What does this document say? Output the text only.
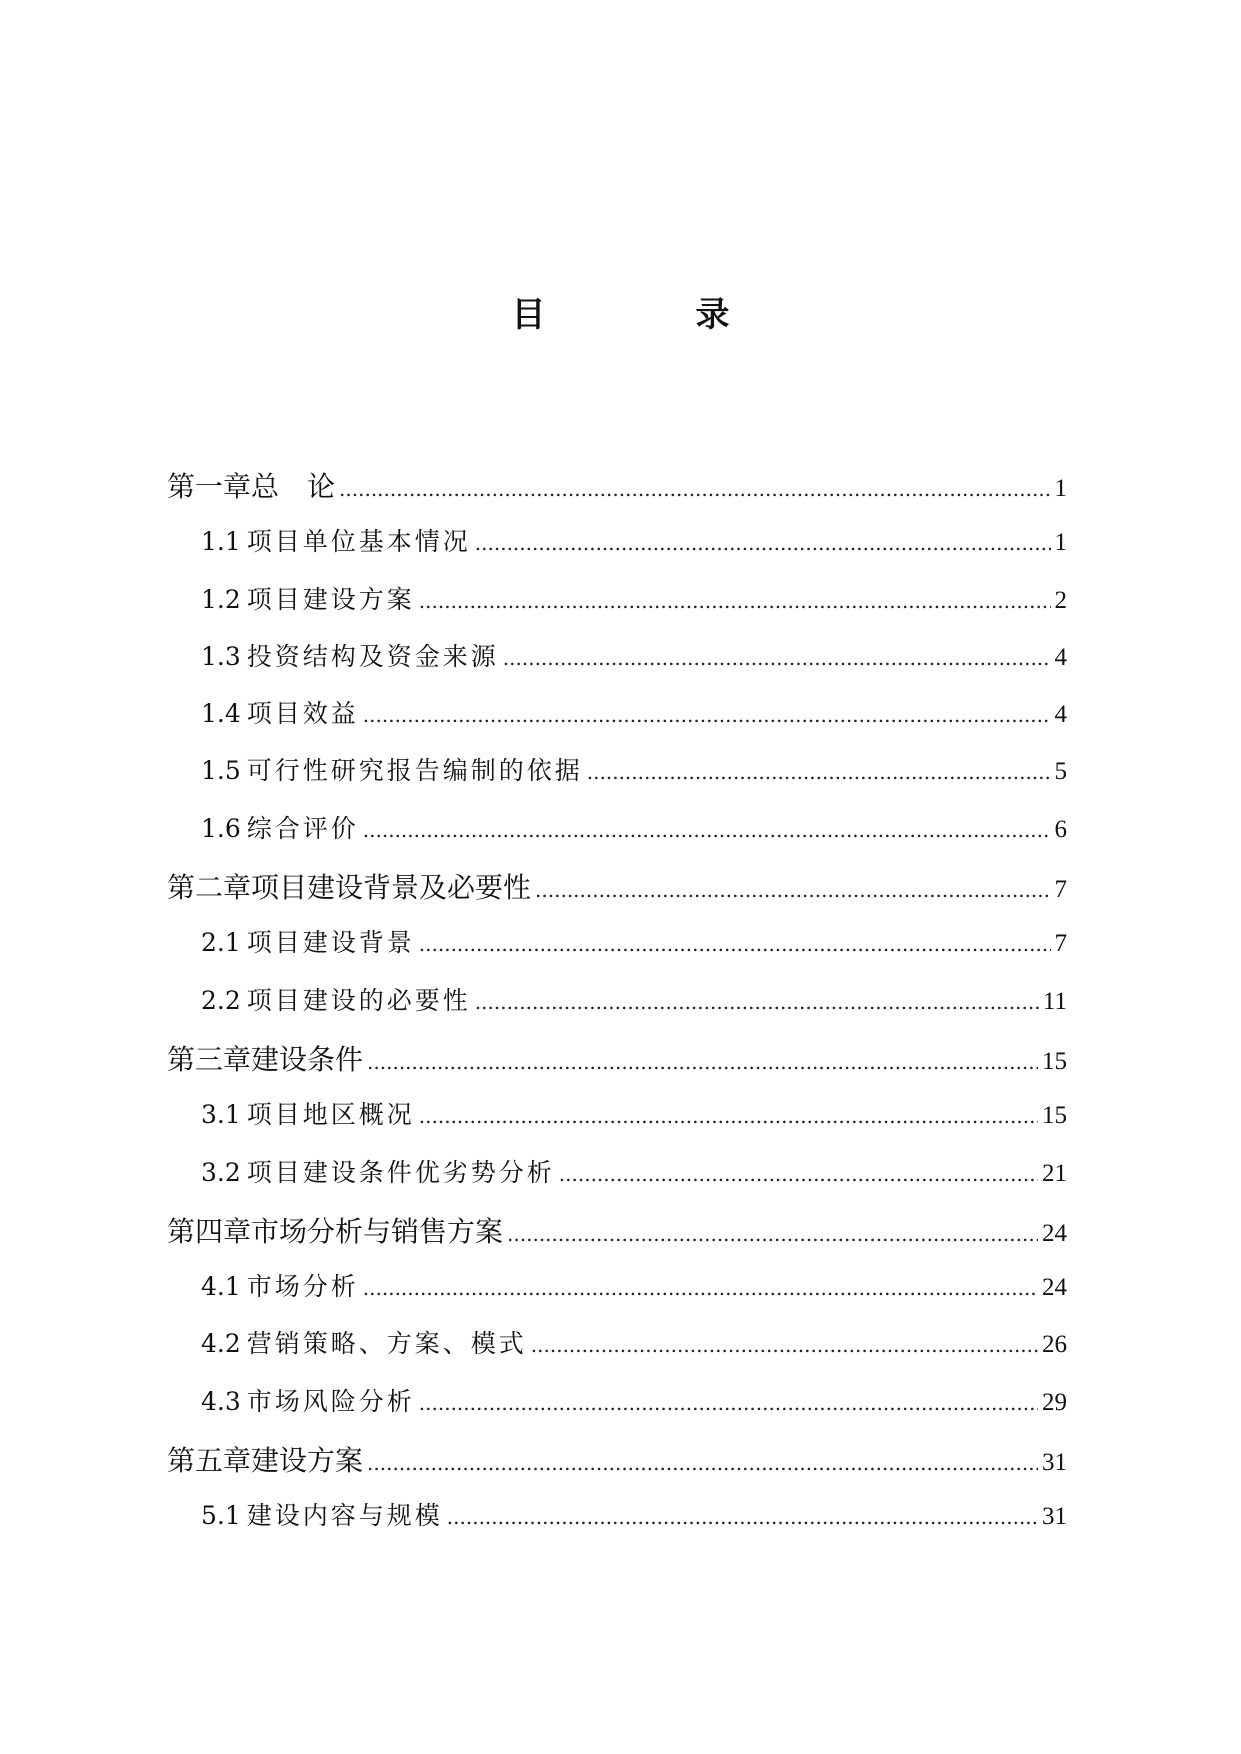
目　录
第一章 总　论 .....	1
1.1 项目单位基本情况 .....	1
1.2 项目建设方案 .....	2
1.3 投资结构及资金来源 .....	4
1.4 项目效益 .....	4
1.5 可行性研究报告编制的依据 .....	5
1.6 综合评价 .....	6
第二章 项目建设背景及必要性 .....	7
2.1 项目建设背景 .....	7
2.2 项目建设的必要性 .....	11
第三章 建设条件 .....	15
3.1 项目地区概况 .....	15
3.2 项目建设条件优劣势分析 .....	21
第四章 市场分析与销售方案 .....	24
4.1 市场分析 .....	24
4.2 营销策略、方案、模式 .....	26
4.3 市场风险分析 .....	29
第五章 建设方案 .....	31
5.1 建设内容与规模 .....	31
